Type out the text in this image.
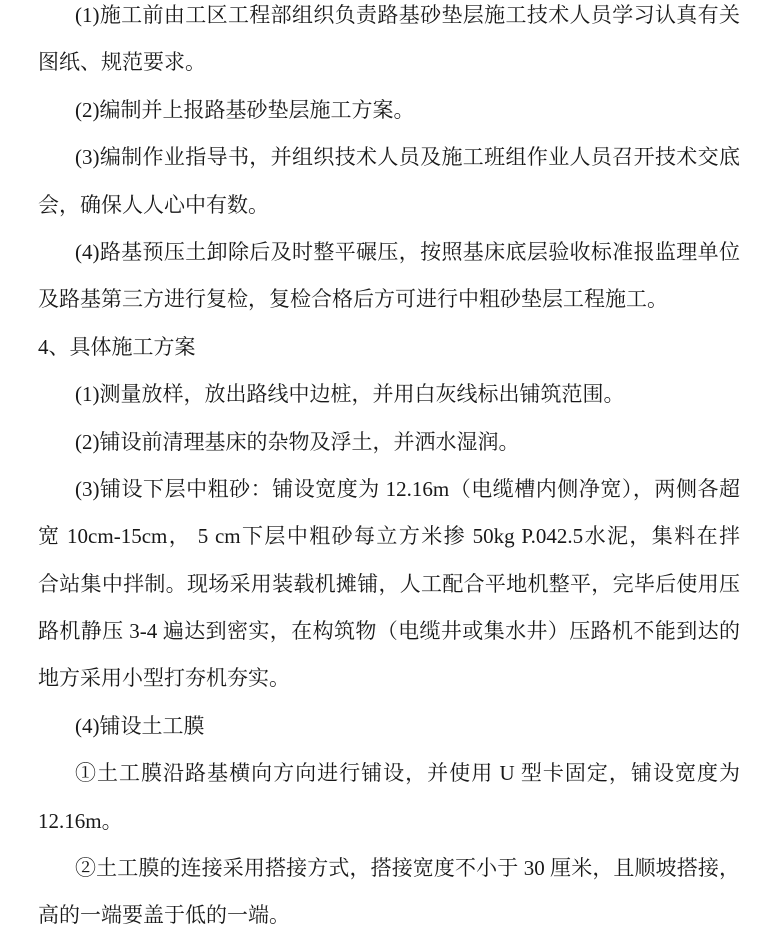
(1)施工前由工区工程部组织负责路基砂垫层施工技术人员学习认真有关
图纸、规范要求。
(2)编制并上报路基砂垫层施工方案。
(3)编制作业指导书，并组织技术人员及施工班组作业人员召开技术交底
会，确保人人心中有数。
(4)路基预压土卸除后及时整平碾压，按照基床底层验收标准报监理单位
及路基第三方进行复检，复检合格后方可进行中粗砂垫层工程施工。
4、具体施工方案
(1)测量放样，放出路线中边桩，并用白灰线标出铺筑范围。
(2)铺设前清理基床的杂物及浮土，并洒水湿润。
(3)铺设下层中粗砂：铺设宽度为 12.16m（电缆槽内侧净宽），两侧各超
宽 10cm-15cm， 5 cm下层中粗砂每立方米掺 50kg P.042.5水泥，集料在拌
合站集中拌制。现场采用装载机摊铺，人工配合平地机整平，完毕后使用压
路机静压 3-4 遍达到密实，在构筑物（电缆井或集水井）压路机不能到达的
地方采用小型打夯机夯实。
(4)铺设土工膜
①土工膜沿路基横向方向进行铺设，并使用 U 型卡固定，铺设宽度为
12.16m。
②土工膜的连接采用搭接方式，搭接宽度不小于 30 厘米，且顺坡搭接，
高的一端要盖于低的一端。
